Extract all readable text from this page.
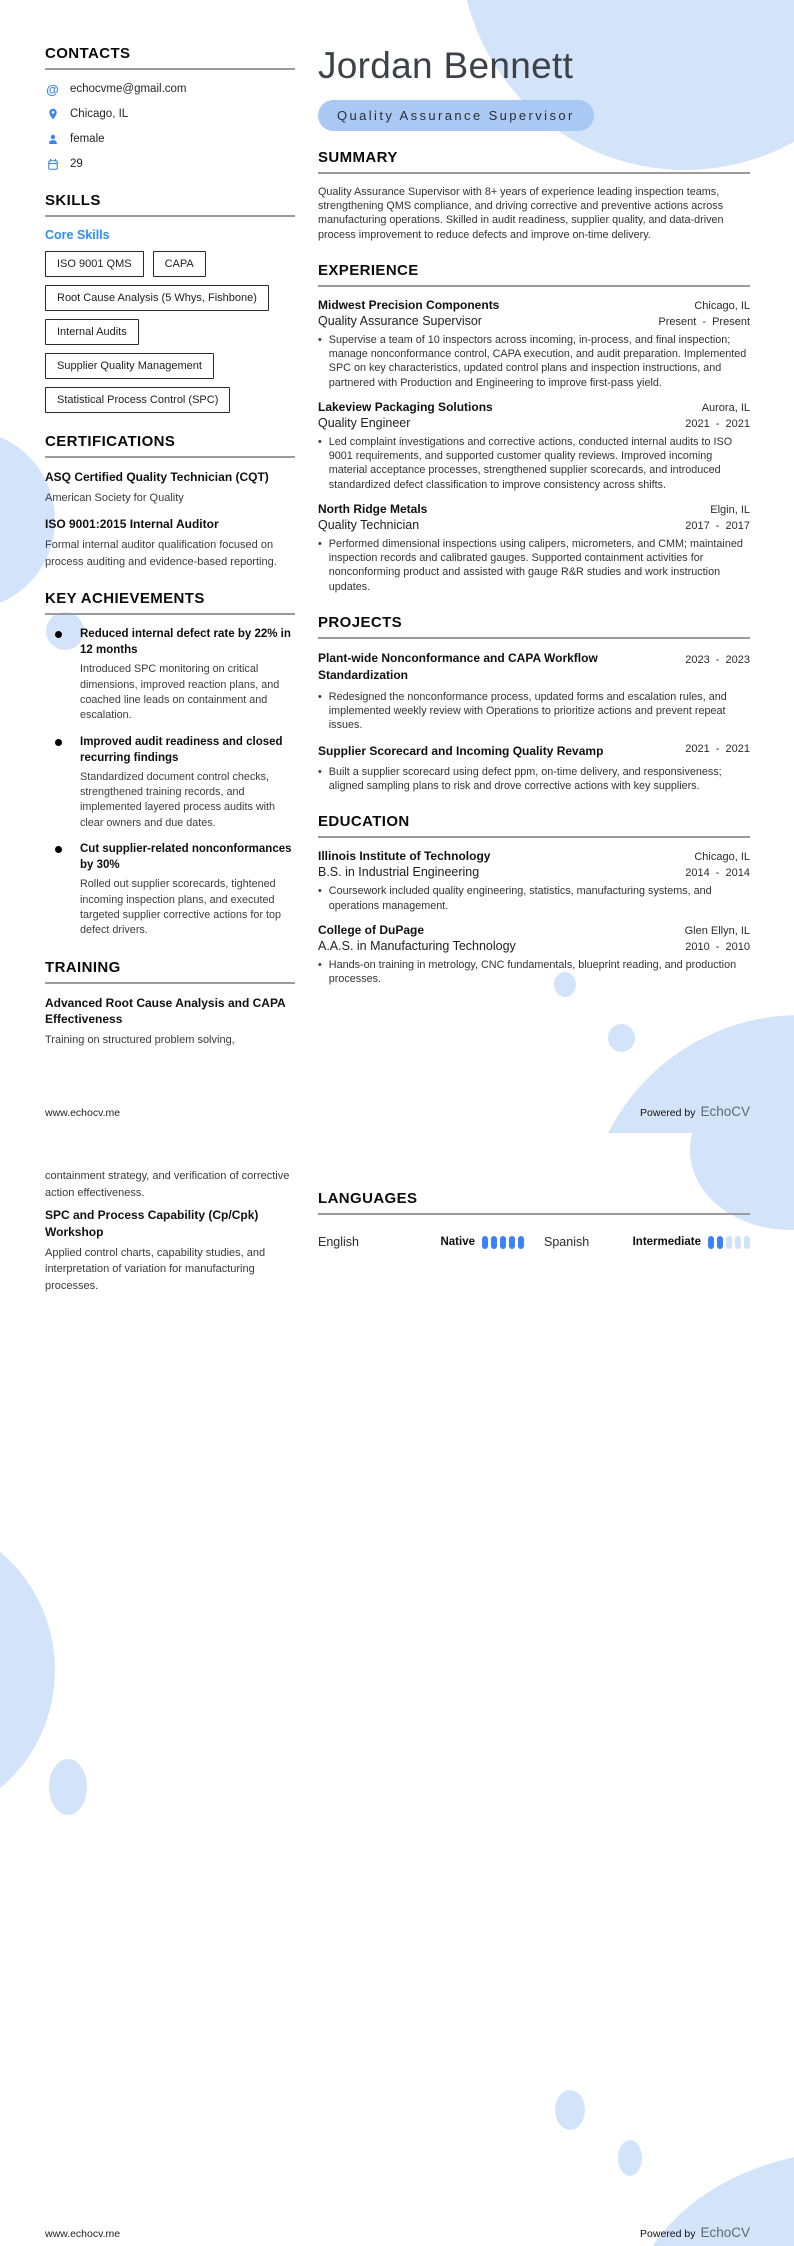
CONTACTS
@ echocvme@gmail.com
Chicago, IL
female
29
SKILLS
Core Skills
ISO 9001 QMS	CAPA
Root Cause Analysis (5 Whys, Fishbone)
Internal Audits
Supplier Quality Management
Statistical Process Control (SPC)
CERTIFICATIONS
ASQ Certified Quality Technician (CQT)
American Society for Quality
ISO 9001:2015 Internal Auditor
Formal internal auditor qualification focused on process auditing and evidence-based reporting.
KEY ACHIEVEMENTS
Reduced internal defect rate by 22% in 12 months
Introduced SPC monitoring on critical dimensions, improved reaction plans, and coached line leads on containment and escalation.
Improved audit readiness and closed recurring findings
Standardized document control checks, strengthened training records, and implemented layered process audits with clear owners and due dates.
Cut supplier-related nonconformances by 30%
Rolled out supplier scorecards, tightened incoming inspection plans, and executed targeted supplier corrective actions for top defect drivers.
TRAINING
Advanced Root Cause Analysis and CAPA Effectiveness
Training on structured problem solving,
Jordan Bennett
Quality Assurance Supervisor
SUMMARY

Quality Assurance Supervisor with 8+ years of experience leading inspection teams, strengthening QMS compliance, and driving corrective and preventive actions across manufacturing operations. Skilled in audit readiness, supplier quality, and data-driven process improvement to reduce defects and improve on-time delivery.

EXPERIENCE
Midwest Precision Components	Chicago, IL
Quality Assurance Supervisor	Present - Present
• Supervise a team of 10 inspectors across incoming, in-process, and final inspection; manage nonconformance control, CAPA execution, and audit preparation. Implemented SPC on key characteristics, updated control plans and inspection instructions, and partnered with Production and Engineering to improve first-pass yield.
Lakeview Packaging Solutions	Aurora, IL
Quality Engineer	2021 - 2021
• Led complaint investigations and corrective actions, conducted internal audits to ISO 9001 requirements, and supported customer quality reviews. Improved incoming material acceptance processes, strengthened supplier scorecards, and introduced standardized defect classification to improve consistency across shifts.
North Ridge Metals	Elgin, IL
Quality Technician	2017 - 2017
• Performed dimensional inspections using calipers, micrometers, and CMM; maintained inspection records and calibrated gauges. Supported containment activities for nonconforming product and assisted with gauge R&R studies and work instruction updates.
PROJECTS
Plant-wide Nonconformance and CAPA Workflow Standardization
2023 - 2023
• Redesigned the nonconformance process, updated forms and escalation rules, and implemented weekly review with Operations to prioritize actions and prevent repeat issues.
Supplier Scorecard and Incoming Quality Revamp	2021 - 2021
• Built a supplier scorecard using defect ppm, on-time delivery, and responsiveness; aligned sampling plans to risk and drove corrective actions with key suppliers.
EDUCATION
Illinois Institute of Technology	Chicago, IL
B.S. in Industrial Engineering	2014 - 2014
• Coursework included quality engineering, statistics, manufacturing systems, and operations management.
College of DuPage	Glen Ellyn, IL
A.A.S. in Manufacturing Technology	2010 - 2010
• Hands-on training in metrology, CNC fundamentals, blueprint reading, and production processes.
www.echocv.me	Powered by EchoCV
containment strategy, and verification of corrective action effectiveness.
SPC and Process Capability (Cp/Cpk) Workshop
Applied control charts, capability studies, and interpretation of variation for manufacturing processes.
LANGUAGES
English	Native	Spanish	Intermediate
www.echocv.me	Powered by EchoCV
